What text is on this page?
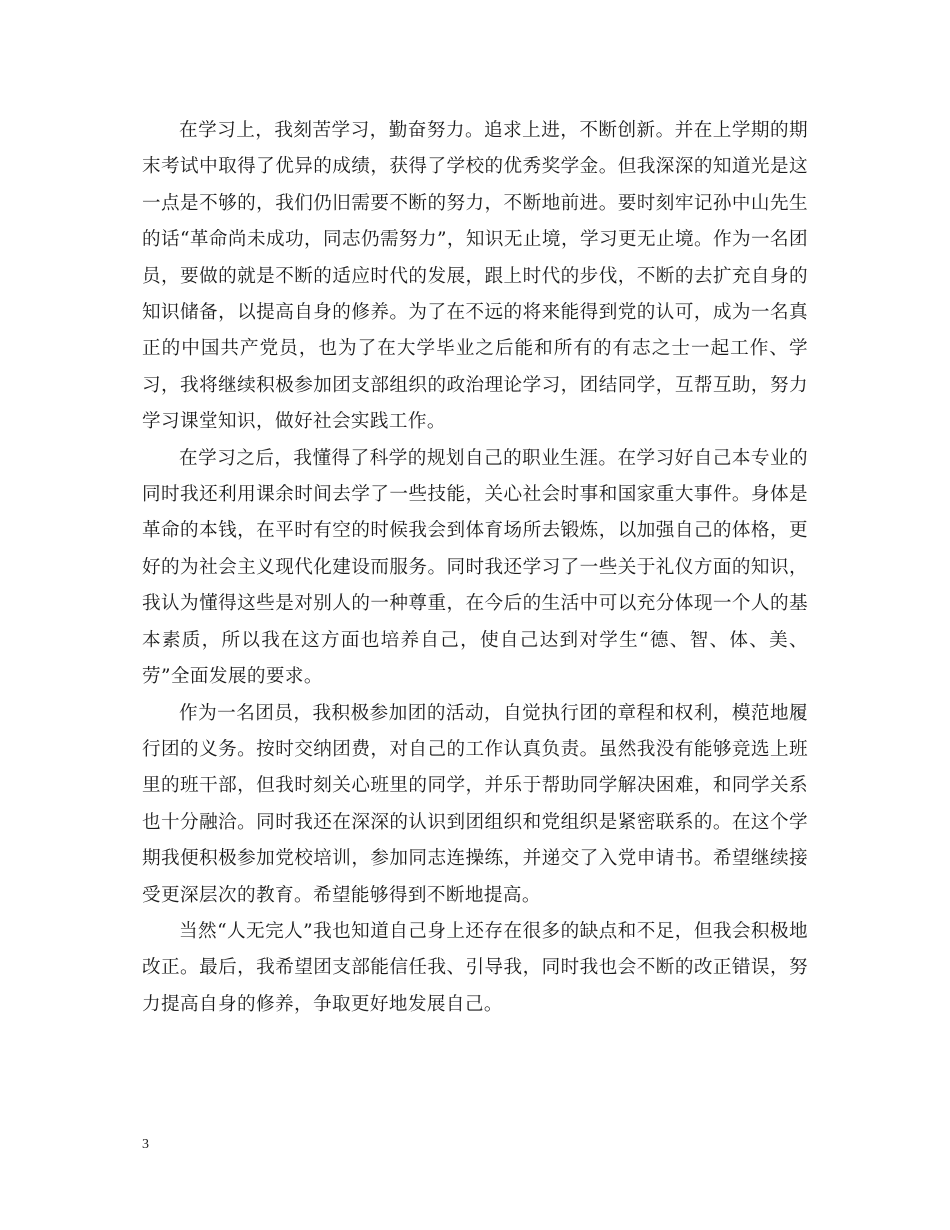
在学习上，我刻苦学习，勤奋努力。追求上进，不断创新。并在上学期的期末考试中取得了优异的成绩，获得了学校的优秀奖学金。但我深深的知道光是这一点是不够的，我们仍旧需要不断的努力，不断地前进。要时刻牢记孙中山先生的话“革命尚未成功，同志仍需努力”，知识无止境，学习更无止境。作为一名团员，要做的就是不断的适应时代的发展，跟上时代的步伐，不断的去扩充自身的知识储备，以提高自身的修养。为了在不远的将来能得到党的认可，成为一名真正的中国共产党员，也为了在大学毕业之后能和所有的有志之士一起工作、学习，我将继续积极参加团支部组织的政治理论学习，团结同学，互帮互助，努力学习课堂知识，做好社会实践工作。

在学习之后，我懂得了科学的规划自己的职业生涯。在学习好自己本专业的同时我还利用课余时间去学了一些技能，关心社会时事和国家重大事件。身体是革命的本钱，在平时有空的时候我会到体育场所去锻炼，以加强自己的体格，更好的为社会主义现代化建设而服务。同时我还学习了一些关于礼仪方面的知识，我认为懂得这些是对别人的一种尊重，在今后的生活中可以充分体现一个人的基本素质，所以我在这方面也培养自己，使自己达到对学生“德、智、体、美、劳”全面发展的要求。

作为一名团员，我积极参加团的活动，自觉执行团的章程和权利，模范地履行团的义务。按时交纳团费，对自己的工作认真负责。虽然我没有能够竞选上班里的班干部，但我时刻关心班里的同学，并乐于帮助同学解决困难，和同学关系也十分融洽。同时我还在深深的认识到团组织和党组织是紧密联系的。在这个学期我便积极参加党校培训，参加同志连操练，并递交了入党申请书。希望继续接受更深层次的教育。希望能够得到不断地提高。

当然“人无完人”我也知道自己身上还存在很多的缺点和不足，但我会积极地改正。最后，我希望团支部能信任我、引导我，同时我也会不断的改正错误，努力提高自身的修养，争取更好地发展自己。

3
